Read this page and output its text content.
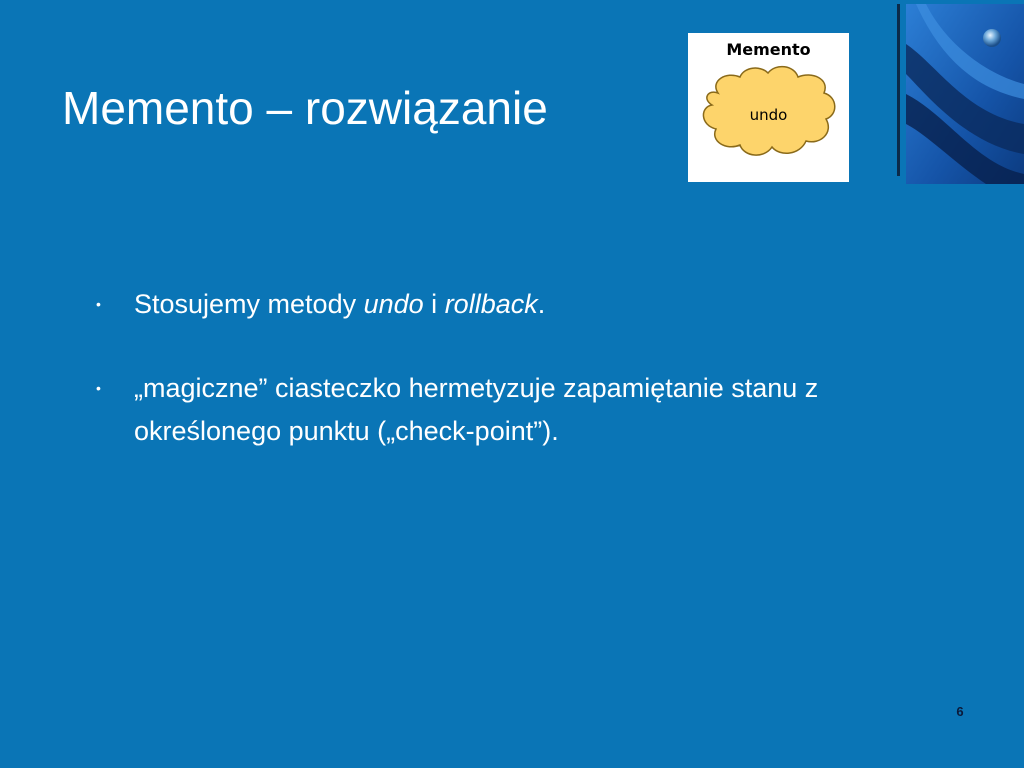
Memento – rozwiązanie
Memento
undo
• Stosujemy metody undo i rollback.
• „magiczne” ciasteczko hermetyzuje zapamiętanie stanu z określonego punktu („check-point”).
6
